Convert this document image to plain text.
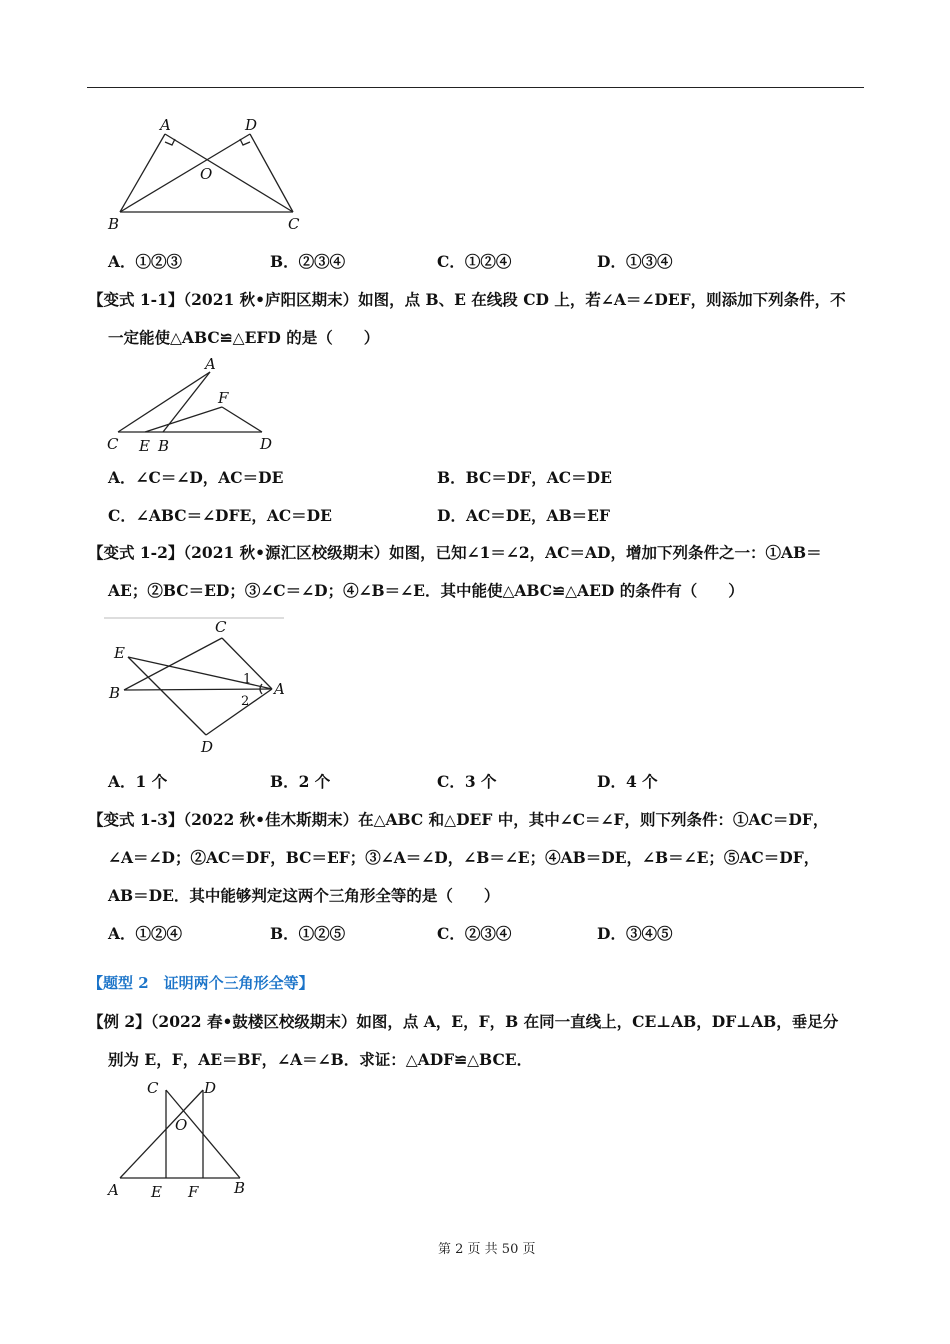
A	D
O
B	C
A．①②③	B．②③④	C．①②④	D．①③④
【变式 1-1】（2021 秋•庐阳区期末）如图，点 B、E 在线段 CD 上，若∠A＝∠DEF，则添加下列条件，不
一定能使△ABC≌△EFD 的是（　　）
A
F
C E B	D
A．∠C＝∠D，AC＝DE	B．BC＝DF，AC＝DE
C．∠ABC＝∠DFE，AC＝DE	D．AC＝DE，AB＝EF
【变式 1-2】（2021 秋•源汇区校级期末）如图，已知∠1＝∠2，AC＝AD，增加下列条件之一：①AB＝
AE；②BC＝ED；③∠C＝∠D；④∠B＝∠E．其中能使△ABC≌△AED 的条件有（　　）
C
E
B	A
D
1
2
A．1 个	B．2 个	C．3 个	D．4 个
【变式 1-3】（2022 秋•佳木斯期末）在△ABC 和△DEF 中，其中∠C＝∠F，则下列条件：①AC＝DF，
∠A＝∠D；②AC＝DF，BC＝EF；③∠A＝∠D，∠B＝∠E；④AB＝DE，∠B＝∠E；⑤AC＝DF，
AB＝DE．其中能够判定这两个三角形全等的是（　　）
A．①②④	B．①②⑤	C．②③④	D．③④⑤
【题型 2　证明两个三角形全等】
【例 2】（2022 春•鼓楼区校级期末）如图，点 A，E，F，B 在同一直线上，CE⊥AB，DF⊥AB，垂足分
别为 E，F，AE＝BF，∠A＝∠B．求证：△ADF≌△BCE．
C	D
O
A E F B
第 2 页 共 50 页
